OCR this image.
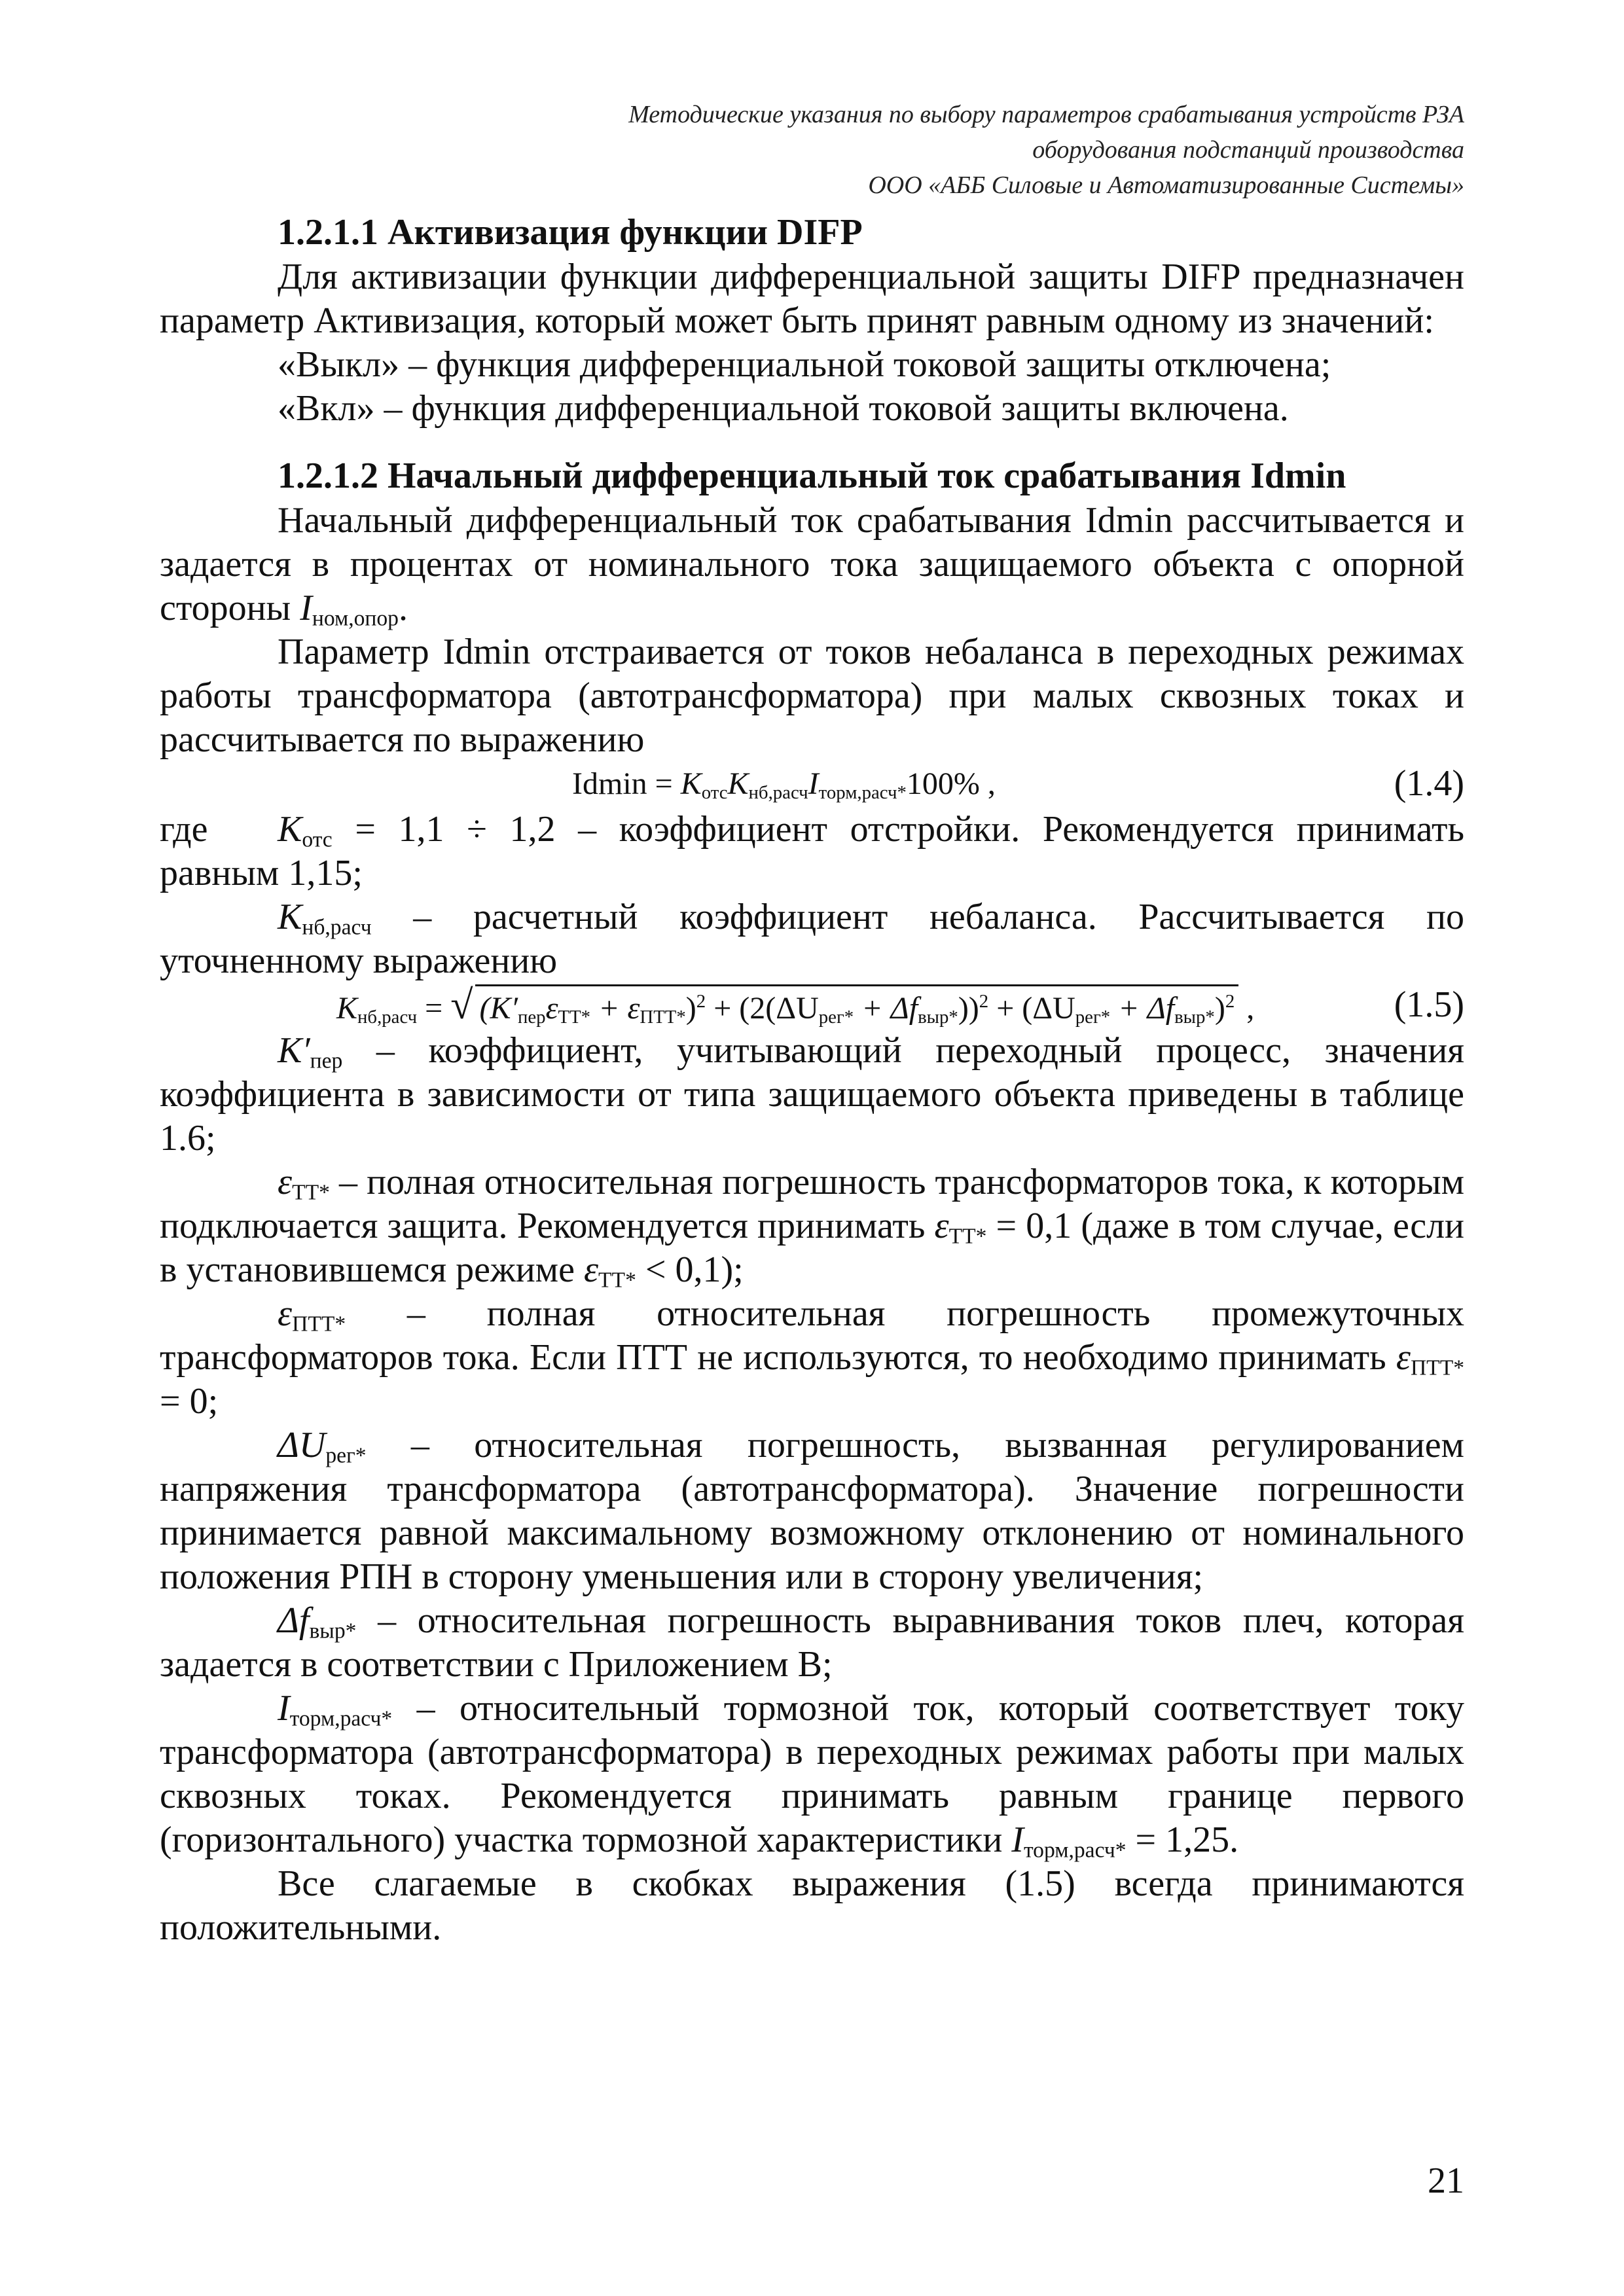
Методические указания по выбору параметров срабатывания устройств РЗА
оборудования подстанций производства
ООО «АББ Силовые и Автоматизированные Системы»
1.2.1.1 Активизация функции DIFP

Для активизации функции дифференциальной защиты DIFP предназначен параметр Активизация, который может быть принят равным одному из значений:

«Выкл» – функция дифференциальной токовой защиты отключена;

«Вкл» – функция дифференциальной токовой защиты включена.

1.2.1.2 Начальный дифференциальный ток срабатывания Idmin

Начальный дифференциальный ток срабатывания Idmin рассчитывается и задается в процентах от номинального тока защищаемого объекта с опорной стороны $I_{ном,опор}$.

Параметр Idmin отстраивается от токов небаланса в переходных режимах работы трансформатора (автотрансформатора) при малых сквозных токах и рассчитывается по выражению

$Idmin = K_{отс}K_{нб,расч}I_{торм,расч*}100\%$ ,	(1.4)

где $K_{отс} = 1,1 \div 1,2$ – коэффициент отстройки. Рекомендуется принимать равным 1,15;

$K_{нб,расч}$ – расчетный коэффициент небаланса. Рассчитывается по уточненному выражению

$K_{нб,расч}$ = √ $(K'_{пер}\varepsilon_{ТТ*} + \varepsilon_{ПТТ*})^2 + (2(\Delta U_{рег*} + \Delta f_{выр*}))^2 + (\Delta U_{рег*} + \Delta f_{выр*})^2$ ,	(1.5)

$K'_{пер}$ – коэффициент, учитывающий переходный процесс, значения коэффициента в зависимости от типа защищаемого объекта приведены в таблице 1.6;

$\varepsilon_{ТТ*}$ – полная относительная погрешность трансформаторов тока, к которым подключается защита. Рекомендуется принимать $\varepsilon_{ТТ*} = 0,1$ (даже в том случае, если в установившемся режиме $\varepsilon_{ТТ*} < 0,1$);

$\varepsilon_{ПТТ*}$ – полная относительная погрешность промежуточных трансформаторов тока. Если ПТТ не используются, то необходимо принимать $\varepsilon_{ПТТ*} = 0$;

$\Delta U_{рег*}$ – относительная погрешность, вызванная регулированием напряжения трансформатора (автотрансформатора). Значение погрешности принимается равной максимальному возможному отклонению от номинального положения РПН в сторону уменьшения или в сторону увеличения;

$\Delta f_{выр*}$ – относительная погрешность выравнивания токов плеч, которая задается в соответствии с Приложением В;

$I_{торм,расч*}$ – относительный тормозной ток, который соответствует току трансформатора (автотрансформатора) в переходных режимах работы при малых сквозных токах. Рекомендуется принимать равным границе первого (горизонтального) участка тормозной характеристики $I_{торм,расч*} = 1,25$.

Все слагаемые в скобках выражения (1.5) всегда принимаются положительными.

21
